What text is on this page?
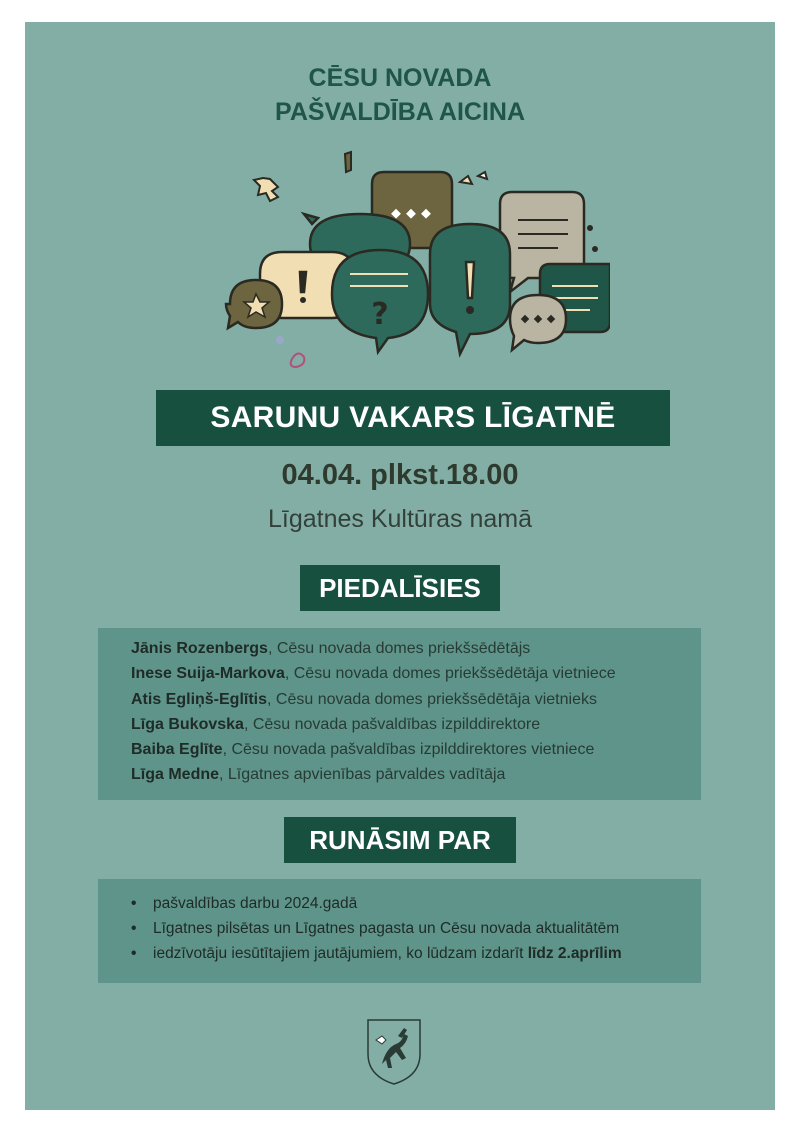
CĒSU NOVADA
PAŠVALDĪBA AICINA
?
SARUNU VAKARS LĪGATNĒ
04.04. plkst.18.00
Līgatnes Kultūras namā
PIEDALĪSIES
Jānis Rozenbergs, Cēsu novada domes priekšsēdētājs
Inese Suija-Markova, Cēsu novada domes priekšsēdētāja vietniece
Atis Egliņš-Eglītis, Cēsu novada domes priekšsēdētāja vietnieks
Līga Bukovska, Cēsu novada pašvaldības izpilddirektore
Baiba Eglīte, Cēsu novada pašvaldības izpilddirektores vietniece
Līga Medne, Līgatnes apvienības pārvaldes vadītāja
RUNĀSIM PAR
•	pašvaldības darbu 2024.gadā
•	Līgatnes pilsētas un Līgatnes pagasta un Cēsu novada aktualitātēm
•	iedzīvotāju iesūtītajiem jautājumiem, ko lūdzam izdarīt līdz 2.aprīlim
